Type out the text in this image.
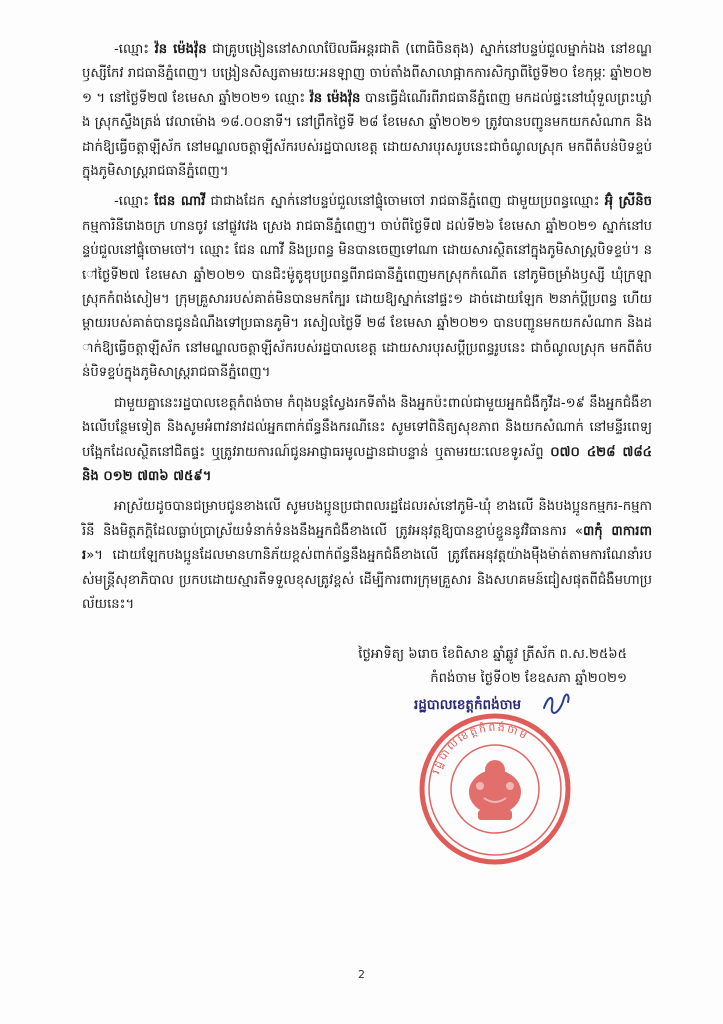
-ឈ្មោះ វ៉ន ម៉េងវ៉ុន ជាគ្រូបង្រៀននៅសាលាប៊ែលធីអន្តរជាតិ (ពោធិចិនតុង) ស្នាក់នៅបន្ទប់ជួលម្នាក់ឯង នៅខណ្ឌឫស្សីកែវ រាជធានីភ្នំពេញ។ បង្រៀនសិស្សតាមរយៈអនឡាញ ចាប់តាំងពីសាលាផ្អាកការសិក្សាពីថ្ងៃទី២០ ខែកុម្ភៈ ឆ្នាំ២០២១ ។ នៅថ្ងៃទី២៧ ខែមេសា ឆ្នាំ២០២១ ឈ្មោះ វ៉ន ម៉េងវ៉ុន បានធ្វើដំណើរពីរាជធានីភ្នំពេញ មកដល់ផ្ទះនៅឃុំទួលព្រះឃ្លាំង ស្រុកស្ទឹងត្រង់ វេលាម៉ោង ១៨.០០នាទី។ នៅព្រឹកថ្ងៃទី ២៨ ខែមេសា ឆ្នាំ២០២១ ត្រូវបានបញ្ជូនមកយកសំណាក និងដាក់ឱ្យធ្វើចត្តាឡីស័ក នៅមណ្ឌលចត្តាឡីស័ករបស់រដ្ឋបាលខេត្ត ដោយសារបុរសរូបនេះជាចំណូលស្រុក មកពីតំបន់បិទខ្ទប់ក្នុងភូមិសាស្ត្ររាជធានីភ្នំពេញ។

-ឈ្មោះ ជែន ណាវី ជាជាងដែក ស្នាក់នៅបន្ទប់ជួលនៅផ្ទុំចោមចៅ រាជធានីភ្នំពេញ ជាមួយប្រពន្ធឈ្មោះ អ៊ុំ ស្រីនិច កម្មការិនីរោងចក្រ ហានចូវ នៅផ្លូវវេង ស្រេង រាជធានីភ្នំពេញ។ ចាប់ពីថ្ងៃទី៧ ដល់ទី២៦ ខែមេសា ឆ្នាំ២០២១ ស្នាក់នៅបន្ទប់ជួលនៅផ្ទុំចោមចៅ។ ឈ្មោះ ជែន ណាវី និងប្រពន្ធ មិនបានចេញទៅណា ដោយសារស្ថិតនៅក្នុងភូមិសាស្ត្របិទខ្ទប់។ នៅថ្ងៃទី២៧ ខែមេសា ឆ្នាំ២០២១ បានជិះម៉ូតូឌុបប្រពន្ធពីរាជធានីភ្នំពេញមកស្រុកកំណើត នៅភូមិចម្រាំងឫស្សី ឃុំក្រឡា ស្រុកកំពង់សៀម។ ក្រុមគ្រួសាររបស់គាត់មិនបានមកក្បែរ ដោយឱ្យស្នាក់នៅផ្ទះ១ ដាច់ដោយឡែក ២នាក់ប្តីប្រពន្ធ ហើយម្តាយរបស់គាត់បានជូនដំណឹងទៅប្រធានភូមិ។ រសៀលថ្ងៃទី ២៨ ខែមេសា ឆ្នាំ២០២១ បានបញ្ជូនមកយកសំណាក និងដាក់ឱ្យធ្វើចត្តាឡីស័ក នៅមណ្ឌលចត្តាឡីស័ករបស់រដ្ឋបាលខេត្ត ដោយសារបុរសប្តីប្រពន្ធរូបនេះ ជាចំណូលស្រុក មកពីតំបន់បិទខ្ទប់ក្នុងភូមិសាស្ត្ររាជធានីភ្នំពេញ។

ជាមួយគ្នានេះរដ្ឋបាលខេត្តកំពង់ចាម កំពុងបន្តស្វែងរកទីតាំង និងអ្នកប៉ះពាល់ជាមួយអ្នកជំងឺកូវីដ-១៩ នឹងអ្នកជំងឺខាងលើបន្ថែមទៀត និងសូមអំពាវនាវដល់អ្នកពាក់ព័ន្ធនឹងករណីនេះ សូមទៅពិនិត្យសុខភាព និងយកសំណាក់ នៅមន្ទីរពេទ្យបង្អែកដែលស្ថិតនៅជិតផ្ទះ ឬត្រូវរាយការណ៍ជូនអាជ្ញាធរមូលដ្ឋានជាបន្ទាន់ ឬតាមរយៈលេខទូរស័ព្ទ ០៧០ ៤២៨ ៧៨៤ និង ០១២ ៧៣៦ ៧៥៩។

អាស្រ័យដូចបានជម្រាបជូនខាងលើ សូមបងប្អូនប្រជាពលរដ្ឋដែលរស់នៅភូមិ-ឃុំ ខាងលើ និងបងប្អូនកម្មករ-កម្មការិនី និងមិត្តភក្តិដែលធ្លាប់ប្រាស្រ័យទំនាក់ទំនងនឹងអ្នកជំងឺខាងលើ ត្រូវអនុវត្តឱ្យបានខ្ជាប់ខ្ជួននូវវិធានការ «៣កុំ ៣ការពារ»។ ដោយឡែកបងប្អូនដែលមានហានិភ័យខ្ពស់ពាក់ព័ន្ធនឹងអ្នកជំងឺខាងលើ ត្រូវតែអនុវត្តយ៉ាងម៉ឺងម៉ាត់តាមការណែនាំរបស់មន្ត្រីសុខាភិបាល ប្រកបដោយស្មារតីទទួលខុសត្រូវខ្ពស់ ដើម្បីការពារក្រុមគ្រួសារ និងសហគមន៍ជៀសផុតពីជំងឺមហាប្រល័យនេះ។

ថ្ងៃអាទិត្យ ៦រោច ខែពិសាខ ឆ្នាំឆ្លូវ ត្រីស័ក ព.ស.២៥៦៥
កំពង់ចាម ថ្ងៃទី០២ ខែឧសភា ឆ្នាំ២០២១
រដ្ឋបាលខេត្តកំពង់ចាម
រដ្ឋបាលខេត្តកំពង់ចាម
2
